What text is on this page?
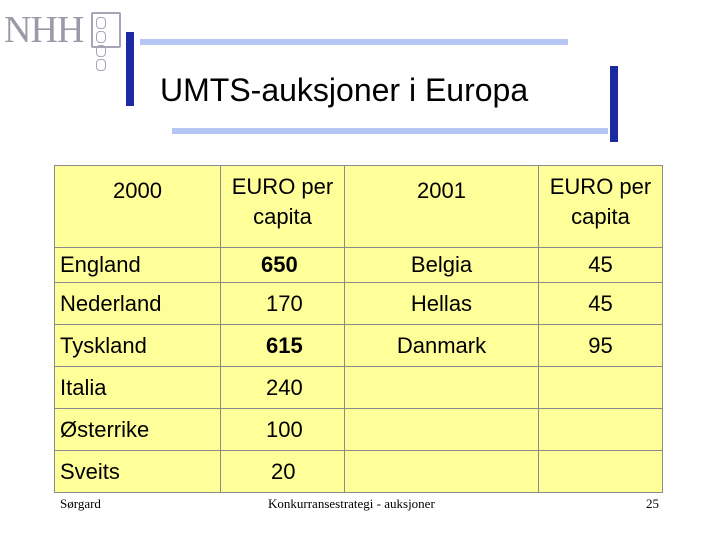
NHH
UMTS-auksjoner i Europa
2000	EURO per capita	2001	EURO per capita
England	650	Belgia	45
Nederland	170	Hellas	45
Tyskland	615	Danmark	95
Italia	240		
Østerrike	100		
Sveits	20		
Sørgard	Konkurransestrategi - auksjoner	25
